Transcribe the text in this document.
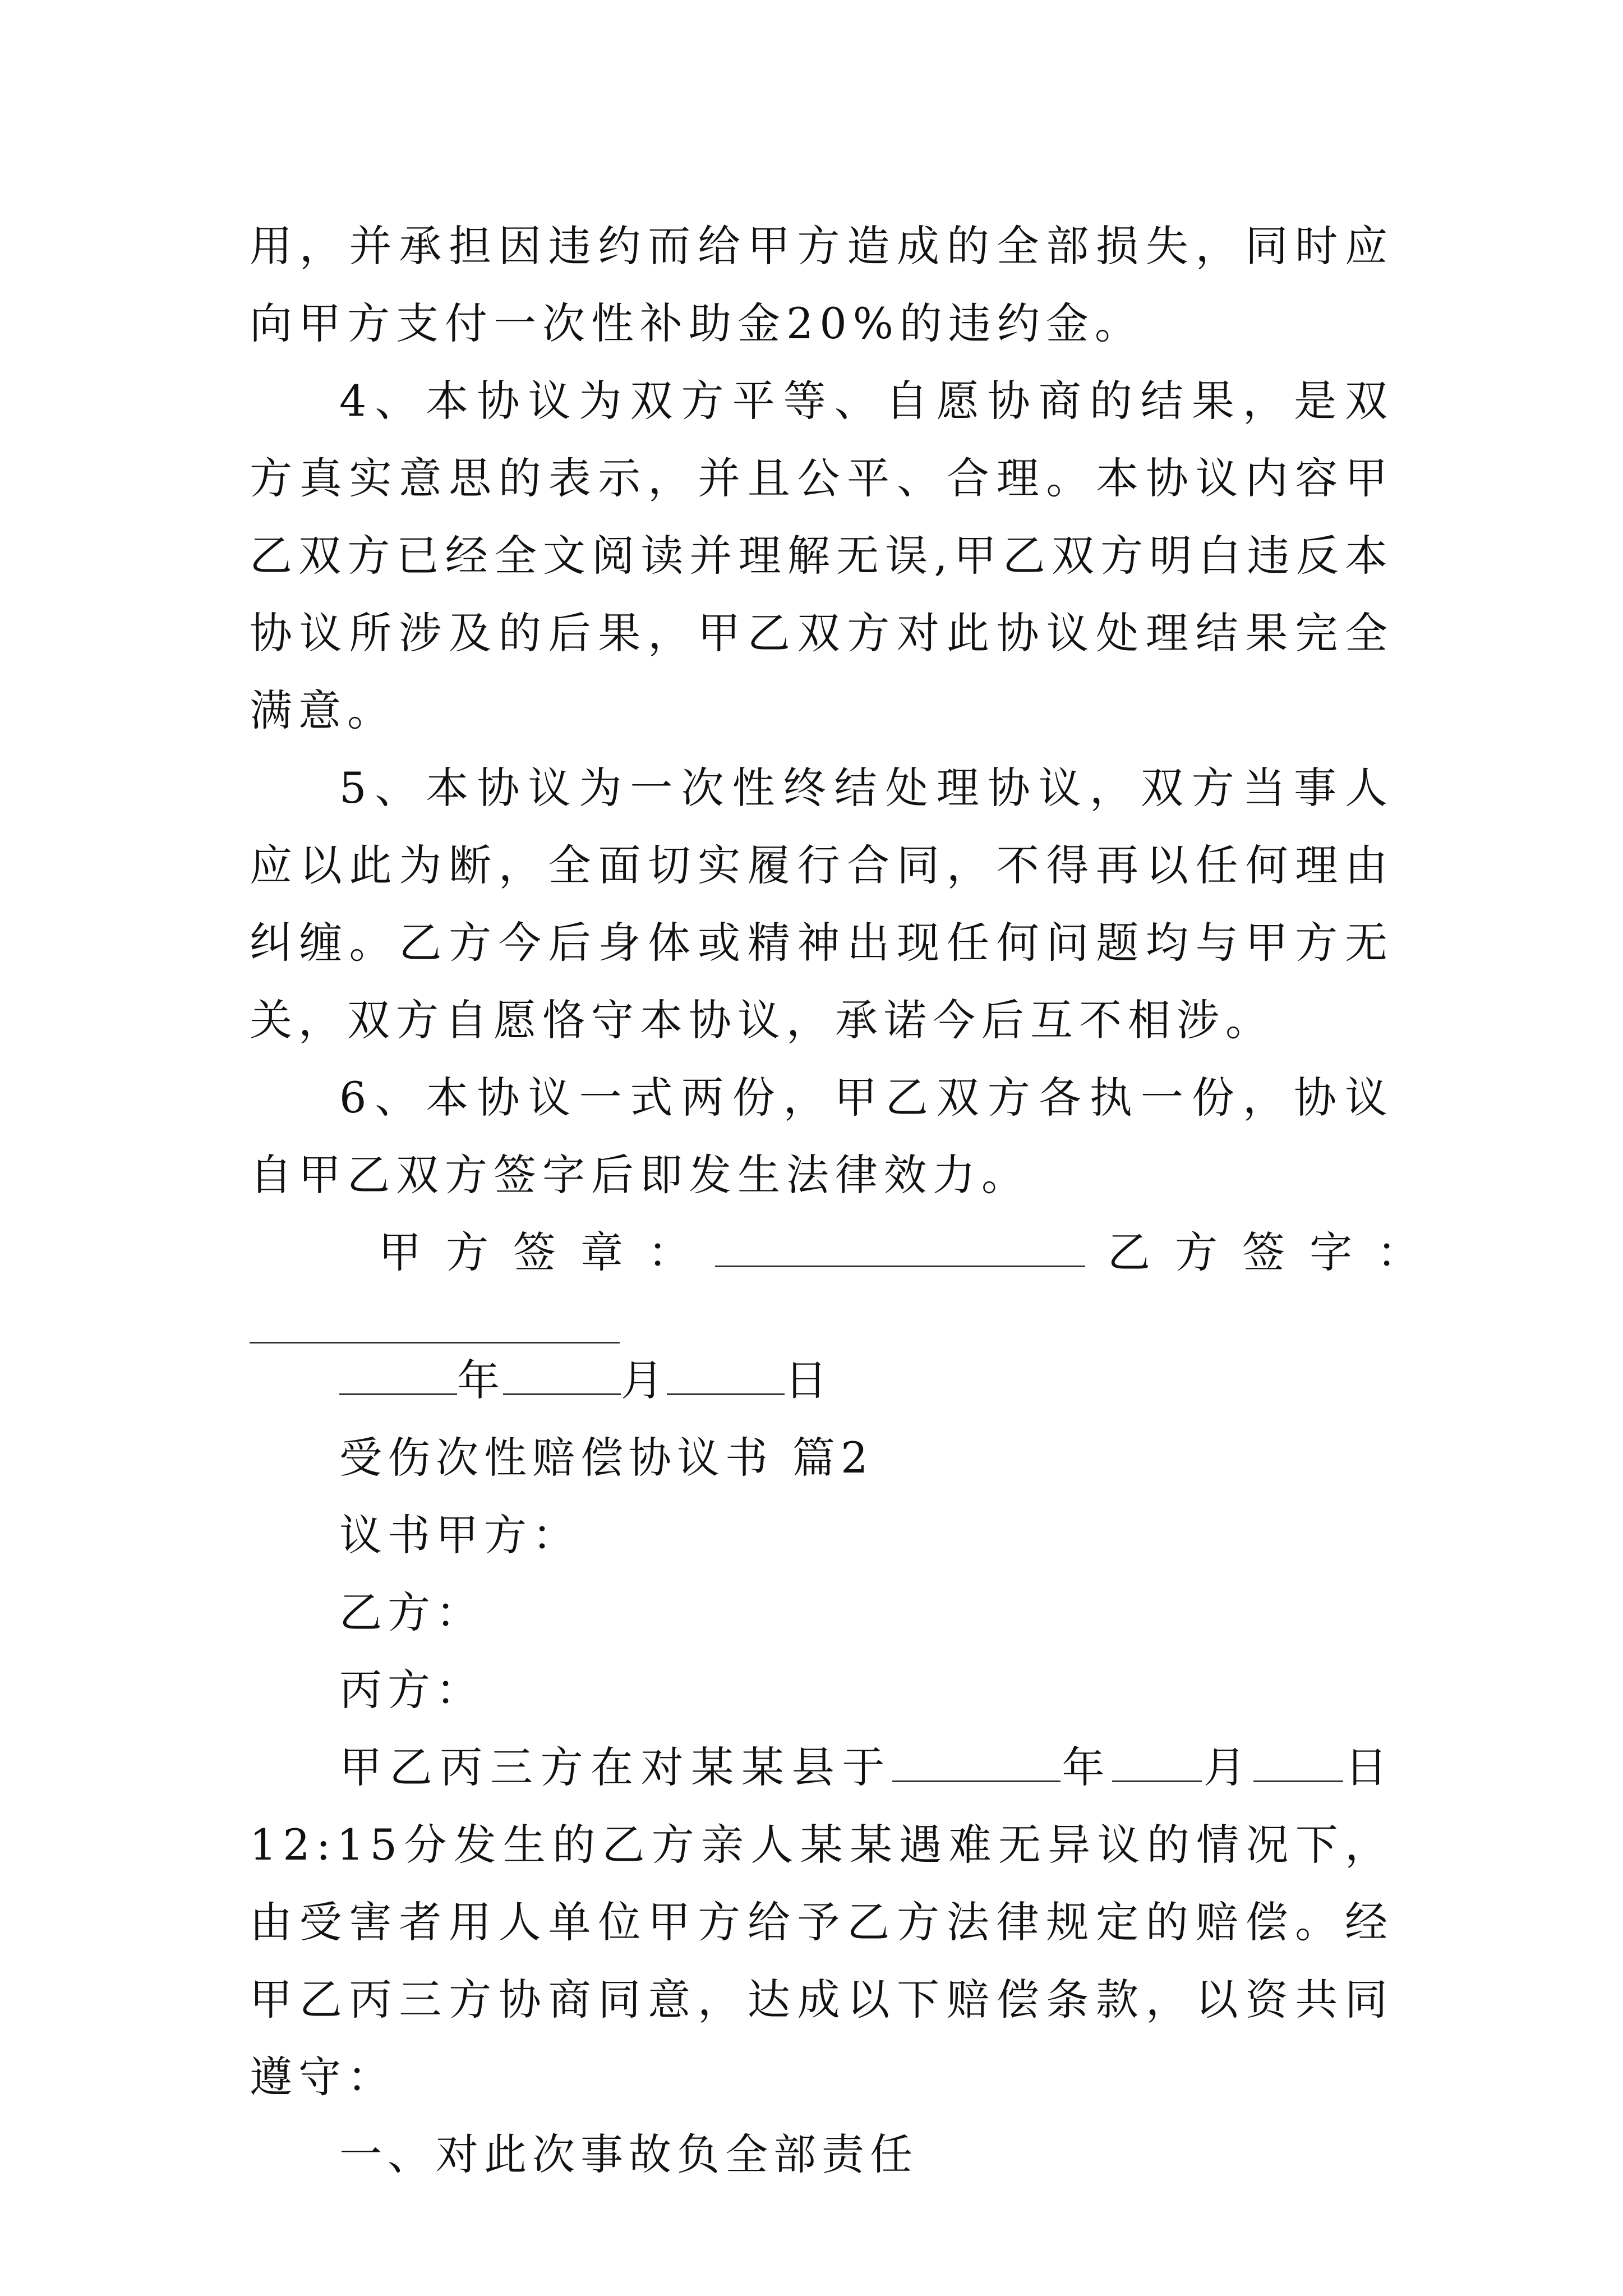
用，并承担因违约而给甲方造成的全部损失，同时应向甲方支付一次性补助金20%的违约金。

4、本协议为双方平等、自愿协商的结果，是双方真实意思的表示，并且公平、合理。本协议内容甲乙双方已经全文阅读并理解无误,甲乙双方明白违反本协议所涉及的后果，甲乙双方对此协议处理结果完全满意。

5、本协议为一次性终结处理协议，双方当事人应以此为断，全面切实履行合同，不得再以任何理由纠缠。乙方今后身体或精神出现任何问题均与甲方无关，双方自愿恪守本协议，承诺今后互不相涉。

6、本协议一式两份，甲乙双方各执一份，协议自甲乙双方签字后即发生法律效力。

甲方签章：	乙方签字：
年	月	日
受伤次性赔偿协议书 篇2
议书甲方：
乙方：
丙方：

甲乙丙三方在对某某县于	年 月 日12:15分发生的乙方亲人某某遇难无异议的情况下，由受害者用人单位甲方给予乙方法律规定的赔偿。经甲乙丙三方协商同意，达成以下赔偿条款，以资共同遵守：

一、对此次事故负全部责任
